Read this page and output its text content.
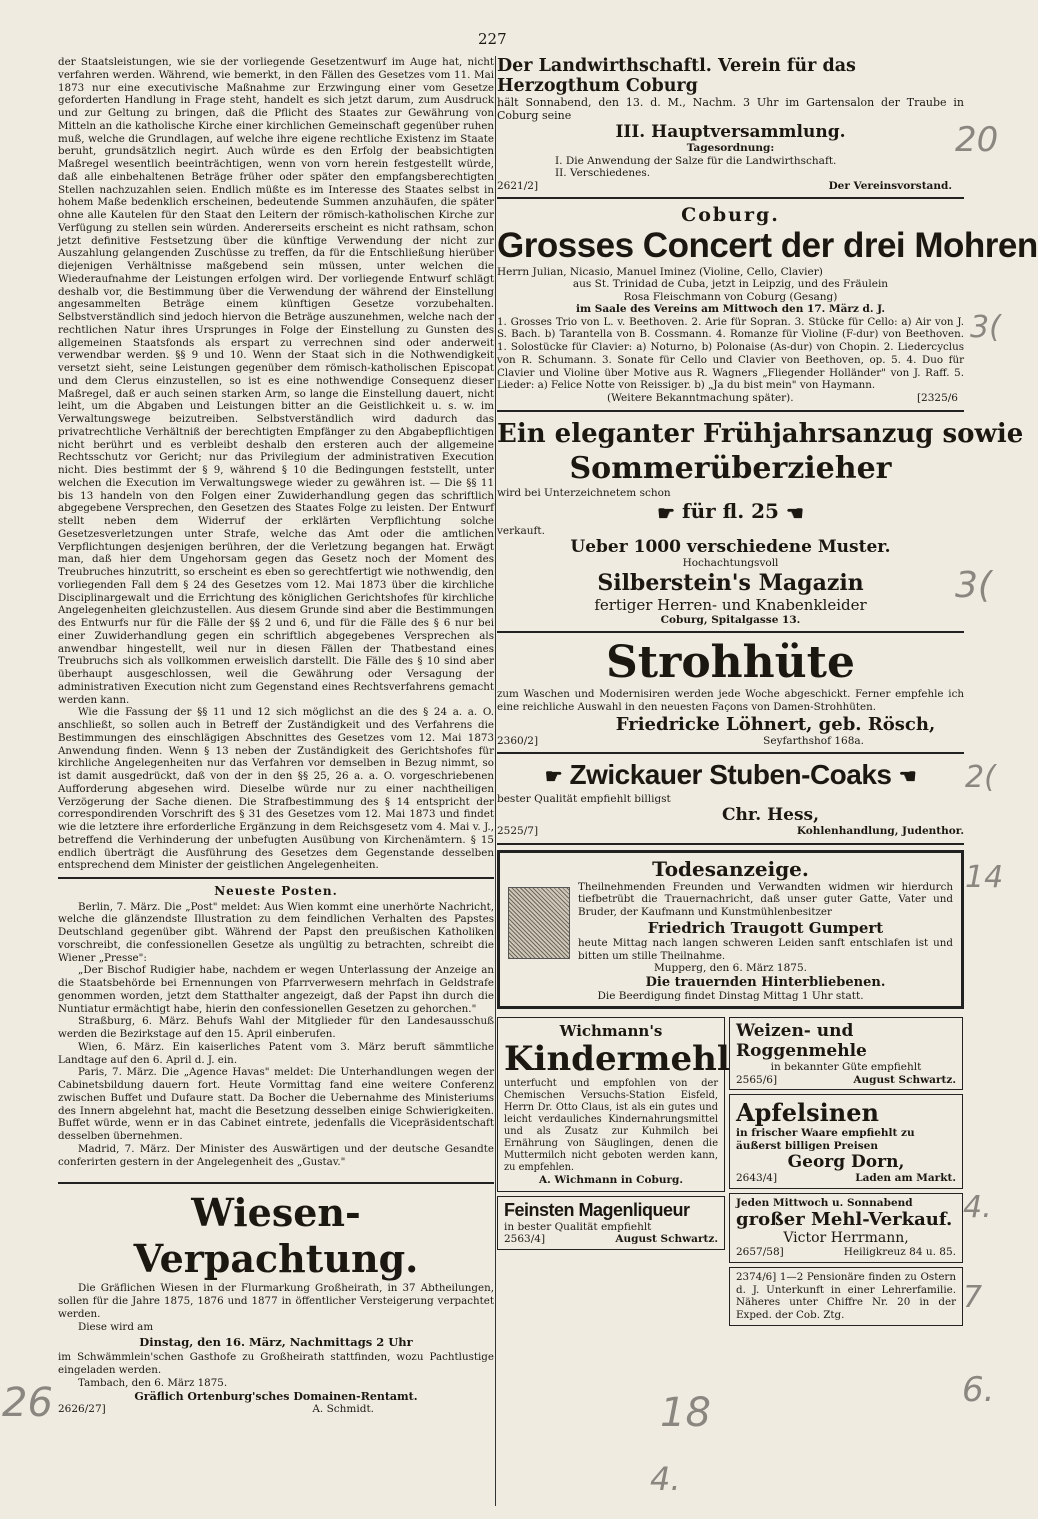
227

der Staatsleistungen, wie sie der vorliegende Gesetzentwurf im Auge hat, nicht verfahren werden. Während, wie bemerkt, in den Fällen des Gesetzes vom 11. Mai 1873 nur eine executivische Maßnahme zur Erzwingung einer vom Gesetze geforderten Handlung in Frage steht, handelt es sich jetzt darum, zum Ausdruck und zur Geltung zu bringen, daß die Pflicht des Staates zur Gewährung von Mitteln an die katholische Kirche einer kirchlichen Gemeinschaft gegenüber ruhen muß, welche die Grundlagen, auf welche ihre eigene rechtliche Existenz im Staate beruht, grundsätzlich negirt. Auch würde es den Erfolg der beabsichtigten Maßregel wesentlich beeinträchtigen, wenn von vorn herein festgestellt würde, daß alle einbehaltenen Beträge früher oder später den empfangsberechtigten Stellen nachzuzahlen seien. Endlich müßte es im Interesse des Staates selbst in hohem Maße bedenklich erscheinen, bedeutende Summen anzuhäufen, die später ohne alle Kautelen für den Staat den Leitern der römisch-katholischen Kirche zur Verfügung zu stellen sein würden. Andererseits erscheint es nicht rathsam, schon jetzt definitive Festsetzung über die künftige Verwendung der nicht zur Auszahlung gelangenden Zuschüsse zu treffen, da für die Entschließung hierüber diejenigen Verhältnisse maßgebend sein müssen, unter welchen die Wiederaufnahme der Leistungen erfolgen wird. Der vorliegende Entwurf schlägt deshalb vor, die Bestimmung über die Verwendung der während der Einstellung angesammelten Beträge einem künftigen Gesetze vorzubehalten. Selbstverständlich sind jedoch hiervon die Beträge auszunehmen, welche nach der rechtlichen Natur ihres Ursprunges in Folge der Einstellung zu Gunsten des allgemeinen Staatsfonds als erspart zu verrechnen sind oder anderweit verwendbar werden. §§ 9 und 10. Wenn der Staat sich in die Nothwendigkeit versetzt sieht, seine Leistungen gegenüber dem römisch-katholischen Episcopat und dem Clerus einzustellen, so ist es eine nothwendige Consequenz dieser Maßregel, daß er auch seinen starken Arm, so lange die Einstellung dauert, nicht leiht, um die Abgaben und Leistungen bitter an die Geistlichkeit u. s. w. im Verwaltungswege beizutreiben. Selbstverständlich wird dadurch das privatrechtliche Verhältniß der berechtigten Empfänger zu den Abgabepflichtigen nicht berührt und es verbleibt deshalb den ersteren auch der allgemeine Rechtsschutz vor Gericht; nur das Privilegium der administrativen Execution nicht. Dies bestimmt der § 9, während § 10 die Bedingungen feststellt, unter welchen die Execution im Verwaltungswege wieder zu gewähren ist. — Die §§ 11 bis 13 handeln von den Folgen einer Zuwiderhandlung gegen das schriftlich abgegebene Versprechen, den Gesetzen des Staates Folge zu leisten. Der Entwurf stellt neben dem Widerruf der erklärten Verpflichtung solche Gesetzesverletzungen unter Strafe, welche das Amt oder die amtlichen Verpflichtungen desjenigen berühren, der die Verletzung begangen hat. Erwägt man, daß hier dem Ungehorsam gegen das Gesetz noch der Moment des Treubruches hinzutritt, so erscheint es eben so gerechtfertigt wie nothwendig, den vorliegenden Fall dem § 24 des Gesetzes vom 12. Mai 1873 über die kirchliche Disciplinargewalt und die Errichtung des königlichen Gerichtshofes für kirchliche Angelegenheiten gleichzustellen. Aus diesem Grunde sind aber die Bestimmungen des Entwurfs nur für die Fälle der §§ 2 und 6, und für die Fälle des § 6 nur bei einer Zuwiderhandlung gegen ein schriftlich abgegebenes Versprechen als anwendbar hingestellt, weil nur in diesen Fällen der Thatbestand eines Treubruchs sich als vollkommen erweislich darstellt. Die Fälle des § 10 sind aber überhaupt ausgeschlossen, weil die Gewährung oder Versagung der administrativen Execution nicht zum Gegenstand eines Rechtsverfahrens gemacht werden kann.

Wie die Fassung der §§ 11 und 12 sich möglichst an die des § 24 a. a. O. anschließt, so sollen auch in Betreff der Zuständigkeit und des Verfahrens die Bestimmungen des einschlägigen Abschnittes des Gesetzes vom 12. Mai 1873 Anwendung finden. Wenn § 13 neben der Zuständigkeit des Gerichtshofes für kirchliche Angelegenheiten nur das Verfahren vor demselben in Bezug nimmt, so ist damit ausgedrückt, daß von der in den §§ 25, 26 a. a. O. vorgeschriebenen Aufforderung abgesehen wird. Dieselbe würde nur zu einer nachtheiligen Verzögerung der Sache dienen. Die Strafbestimmung des § 14 entspricht der correspondirenden Vorschrift des § 31 des Gesetzes vom 12. Mai 1873 und findet wie die letztere ihre erforderliche Ergänzung in dem Reichsgesetz vom 4. Mai v. J., betreffend die Verhinderung der unbefugten Ausübung von Kirchenämtern. § 15 endlich überträgt die Ausführung des Gesetzes dem Gegenstande desselben entsprechend dem Minister der geistlichen Angelegenheiten.

Neueste Posten.

Berlin, 7. März. Die „Post" meldet: Aus Wien kommt eine unerhörte Nachricht, welche die glänzendste Illustration zu dem feindlichen Verhalten des Papstes Deutschland gegenüber gibt. Während der Papst den preußischen Katholiken vorschreibt, die confessionellen Gesetze als ungültig zu betrachten, schreibt die Wiener „Presse":

„Der Bischof Rudigier habe, nachdem er wegen Unterlassung der Anzeige an die Staatsbehörde bei Ernennungen von Pfarrverwesern mehrfach in Geldstrafe genommen worden, jetzt dem Statthalter angezeigt, daß der Papst ihn durch die Nuntiatur ermächtigt habe, hierin den confessionellen Gesetzen zu gehorchen."

Straßburg, 6. März. Behufs Wahl der Mitglieder für den Landesausschuß werden die Bezirkstage auf den 15. April einberufen.

Wien, 6. März. Ein kaiserliches Patent vom 3. März beruft sämmtliche Landtage auf den 6. April d. J. ein.

Paris, 7. März. Die „Agence Havas" meldet: Die Unterhandlungen wegen der Cabinetsbildung dauern fort. Heute Vormittag fand eine weitere Conferenz zwischen Buffet und Dufaure statt. Da Bocher die Uebernahme des Ministeriums des Innern abgelehnt hat, macht die Besetzung desselben einige Schwierigkeiten. Buffet würde, wenn er in das Cabinet eintrete, jedenfalls die Vicepräsidentschaft desselben übernehmen.

Madrid, 7. März. Der Minister des Auswärtigen und der deutsche Gesandte conferirten gestern in der Angelegenheit des „Gustav."

Wiesen-Verpachtung.

Die Gräflichen Wiesen in der Flurmarkung Großheirath, in 37 Abtheilungen, sollen für die Jahre 1875, 1876 und 1877 in öffentlicher Versteigerung verpachtet werden.

Diese wird am

Dinstag, den 16. März, Nachmittags 2 Uhr

im Schwämmlein'schen Gasthofe zu Großheirath stattfinden, wozu Pachtlustige eingeladen werden.

Tambach, den 6. März 1875.

Gräflich Ortenburg'sches Domainen-Rentamt.
2626/27]	A. Schmidt.
Der Landwirthschaftl. Verein für das Herzogthum Coburg

hält Sonnabend, den 13. d. M., Nachm. 3 Uhr im Gartensalon der Traube in Coburg seine

III. Hauptversammlung.
Tagesordnung:
I. Die Anwendung der Salze für die Landwirthschaft.
II. Verschiedenes.
2621/2]	Der Vereinsvorstand.
Coburg.
Grosses Concert der drei Mohren
Herrn Julian, Nicasio, Manuel Iminez (Violine, Cello, Clavier)
aus St. Trinidad de Cuba, jetzt in Leipzig, und des Fräulein
Rosa Fleischmann von Coburg (Gesang)
im Saale des Vereins am Mittwoch den 17. März d. J.

1. Grosses Trio von L. v. Beethoven. 2. Arie für Sopran. 3. Stücke für Cello: a) Air von J. S. Bach. b) Tarantella von B. Cossmann. 4. Romanze für Violine (F-dur) von Beethoven. 1. Solostücke für Clavier: a) Noturno, b) Polonaise (As-dur) von Chopin. 2. Liedercyclus von R. Schumann. 3. Sonate für Cello und Clavier von Beethoven, op. 5. 4. Duo für Clavier und Violine über Motive aus R. Wagners „Fliegender Holländer" von J. Raff. 5. Lieder: a) Felice Notte von Reissiger. b) „Ja du bist mein" von Haymann.

(Weitere Bekanntmachung später).	[2325/6
Ein eleganter Frühjahrsanzug sowie
Sommerüberzieher
wird bei Unterzeichnetem schon
☛ für fl. 25 ☚
verkauft.
Ueber 1000 verschiedene Muster.
Hochachtungsvoll
Silberstein's Magazin
fertiger Herren- und Knabenkleider
Coburg, Spitalgasse 13.
Strohhüte

zum Waschen und Modernisiren werden jede Woche abgeschickt. Ferner empfehle ich eine reichliche Auswahl in den neuesten Façons von Damen-Strohhüten.

Friedricke Löhnert, geb. Rösch,
2360/2]	Seyfarthshof 168a.
☛ Zwickauer Stuben-Coaks ☚
bester Qualität empfiehlt billigst
Chr. Hess,
2525/7]	Kohlenhandlung, Judenthor.
Todesanzeige.

Theilnehmenden Freunden und Verwandten widmen wir hierdurch tiefbetrübt die Trauernachricht, daß unser guter Gatte, Vater und Bruder, der Kaufmann und Kunstmühlenbesitzer

Friedrich Traugott Gumpert

heute Mittag nach langen schweren Leiden sanft entschlafen ist und bitten um stille Theilnahme.

Mupperg, den 6. März 1875.
Die trauernden Hinterbliebenen.
Die Beerdigung findet Dinstag Mittag 1 Uhr statt.
Wichmann's
Kindermehl

unterfucht und empfohlen von der Chemischen Versuchs-Station Eisfeld, Herrn Dr. Otto Claus, ist als ein gutes und leicht verdauliches Kindernahrungsmittel und als Zusatz zur Kuhmilch bei Ernährung von Säuglingen, denen die Muttermilch nicht geboten werden kann, zu empfehlen.

A. Wichmann in Coburg.
Feinsten Magenliqueur
in bester Qualität empfiehlt
2563/4]	August Schwartz.
Weizen- und Roggenmehle
in bekannter Güte empfiehlt
2565/6]	August Schwartz.
Apfelsinen
in frischer Waare empfiehlt zu äußerst billigen Preisen
Georg Dorn,
2643/4]	Laden am Markt.
Jeden Mittwoch u. Sonnabend
großer Mehl-Verkauf.
Victor Herrmann,
2657/58]	Heiligkreuz 84 u. 85.

2374/6] 1—2 Pensionäre finden zu Ostern d. J. Unterkunft in einer Lehrerfamilie. Näheres unter Chiffre Nr. 20 in der Exped. der Cob. Ztg.

20
3(
3(
2(
14
4.
7
6.
26	18
4.
